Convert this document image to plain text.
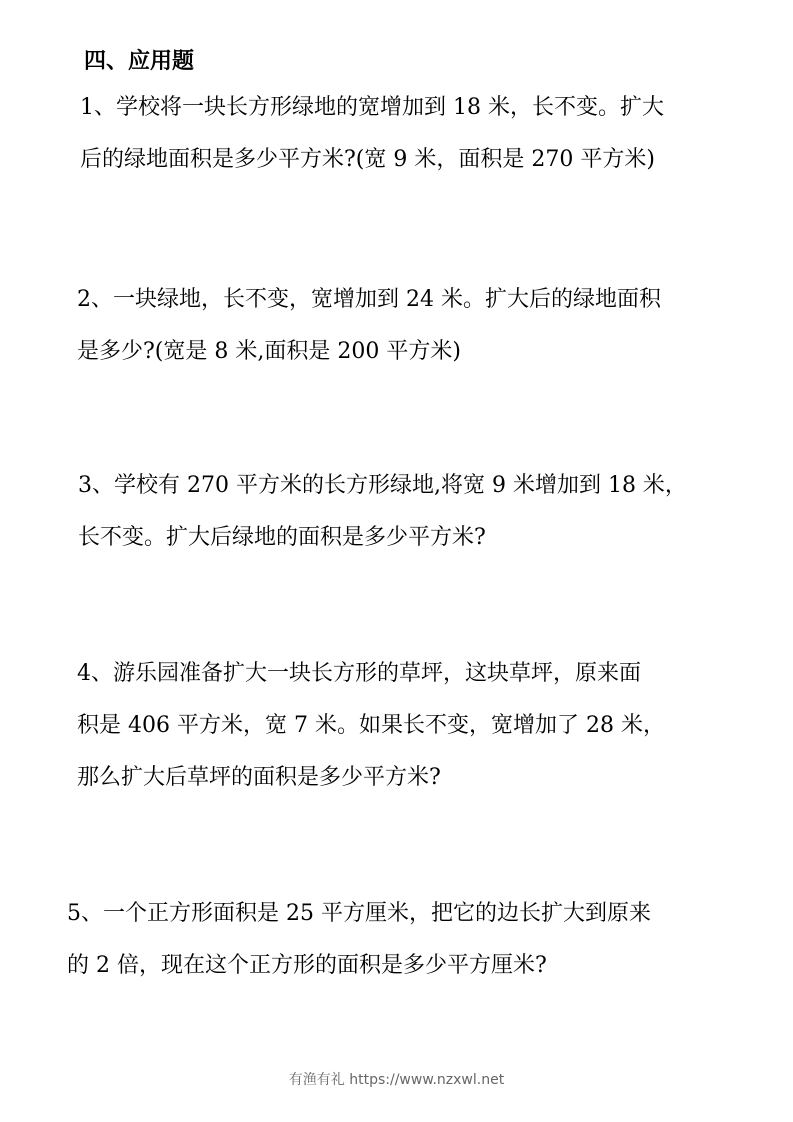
四、应用题
1、学校将一块长方形绿地的宽增加到 18 米，长不变。扩大
后的绿地面积是多少平方米?(宽 9 米，面积是 270 平方米)
2、一块绿地，长不变，宽增加到 24 米。扩大后的绿地面积
是多少?(宽是 8 米,面积是 200 平方米)
3、学校有 270 平方米的长方形绿地,将宽 9 米增加到 18 米，
长不变。扩大后绿地的面积是多少平方米?
4、游乐园准备扩大一块长方形的草坪，这块草坪，原来面
积是 406 平方米，宽 7 米。如果长不变，宽增加了 28 米，
那么扩大后草坪的面积是多少平方米?
5、一个正方形面积是 25 平方厘米，把它的边长扩大到原来
的 2 倍，现在这个正方形的面积是多少平方厘米?
有渔有礼 https://www.nzxwl.net
